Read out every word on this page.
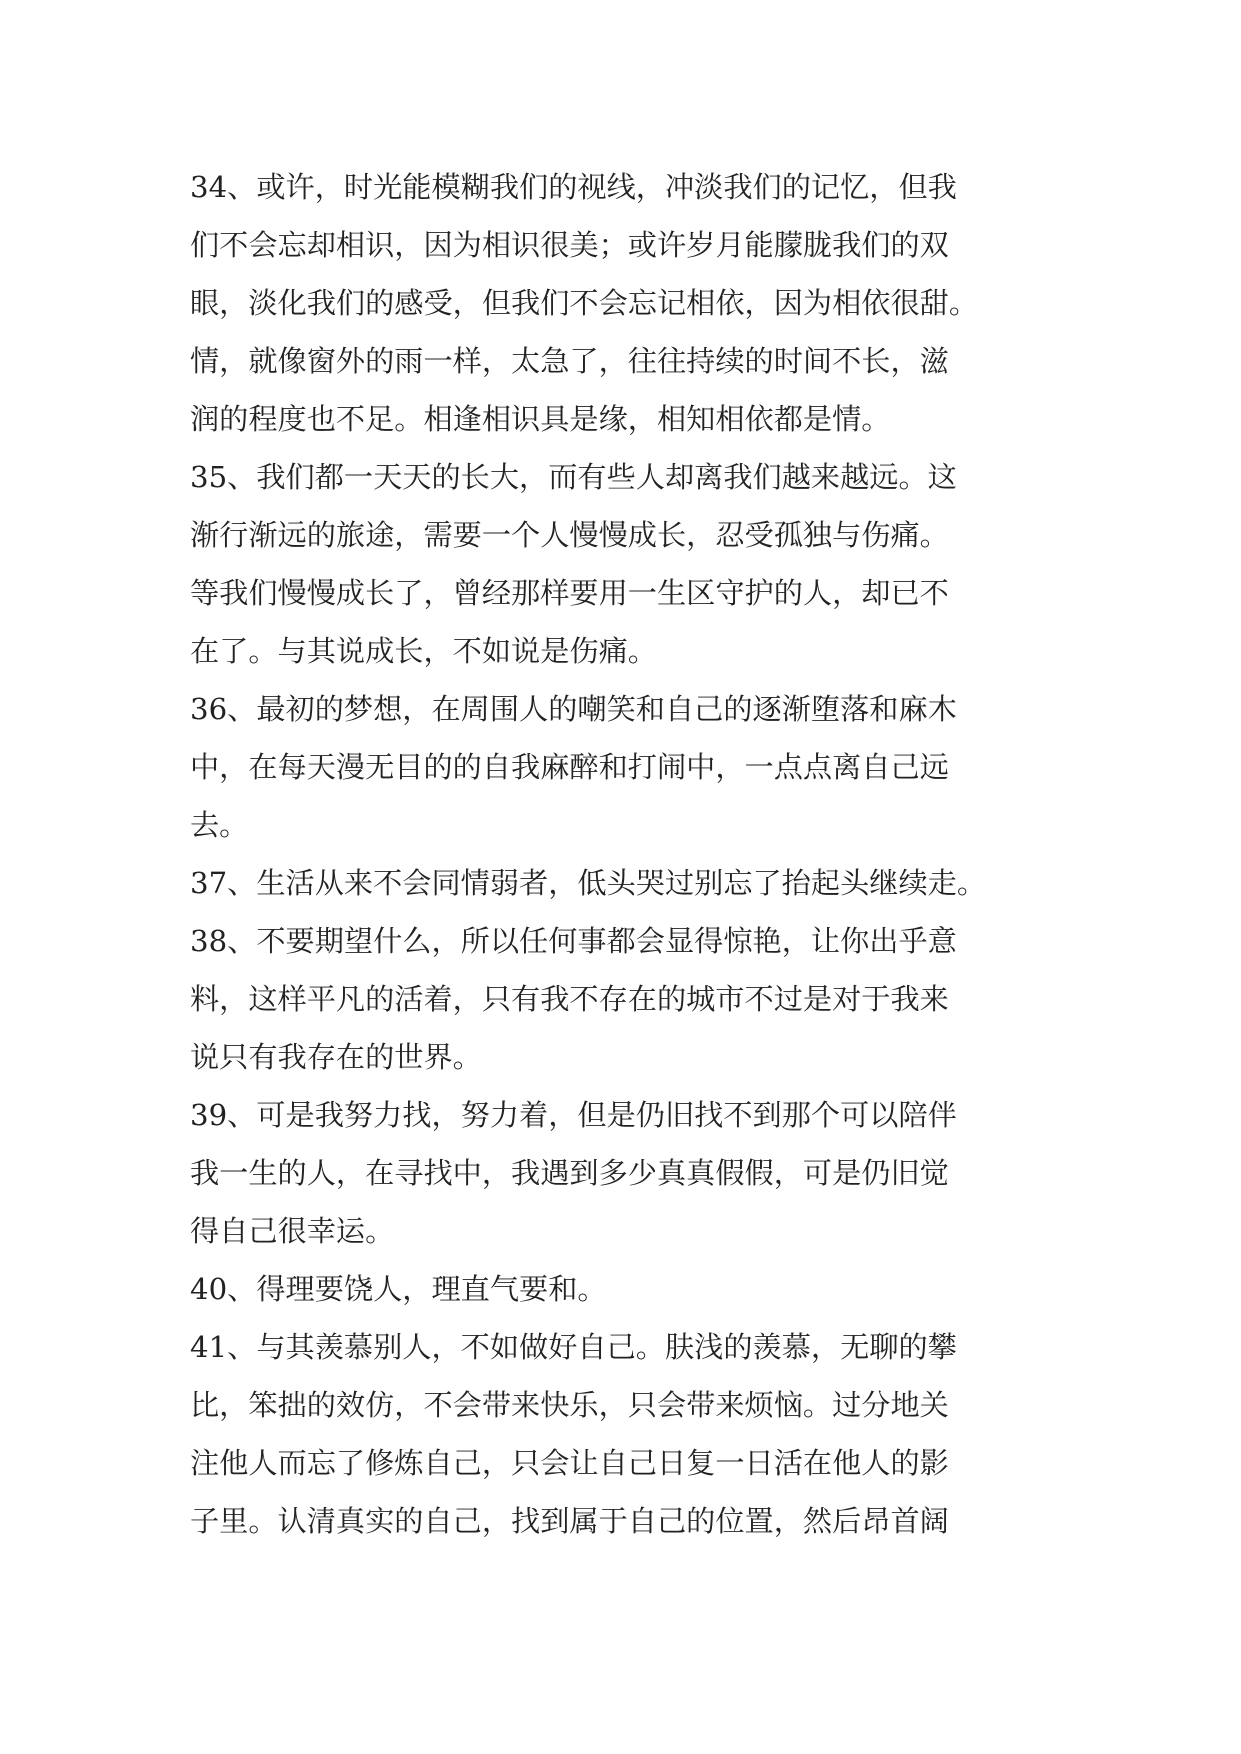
34、或许，时光能模糊我们的视线，冲淡我们的记忆，但我
们不会忘却相识，因为相识很美；或许岁月能朦胧我们的双
眼，淡化我们的感受，但我们不会忘记相依，因为相依很甜。
情，就像窗外的雨一样，太急了，往往持续的时间不长，滋
润的程度也不足。相逢相识具是缘，相知相依都是情。
35、我们都一天天的长大，而有些人却离我们越来越远。这
渐行渐远的旅途，需要一个人慢慢成长，忍受孤独与伤痛。
等我们慢慢成长了，曾经那样要用一生区守护的人，却已不
在了。与其说成长，不如说是伤痛。
36、最初的梦想，在周围人的嘲笑和自己的逐渐堕落和麻木
中，在每天漫无目的的自我麻醉和打闹中，一点点离自己远
去。
37、生活从来不会同情弱者，低头哭过别忘了抬起头继续走。
38、不要期望什么，所以任何事都会显得惊艳，让你出乎意
料，这样平凡的活着，只有我不存在的城市不过是对于我来
说只有我存在的世界。
39、可是我努力找，努力着，但是仍旧找不到那个可以陪伴
我一生的人，在寻找中，我遇到多少真真假假，可是仍旧觉
得自己很幸运。
40、得理要饶人，理直气要和。
41、与其羡慕别人，不如做好自己。肤浅的羡慕，无聊的攀
比，笨拙的效仿，不会带来快乐，只会带来烦恼。过分地关
注他人而忘了修炼自己，只会让自己日复一日活在他人的影
子里。认清真实的自己，找到属于自己的位置，然后昂首阔
